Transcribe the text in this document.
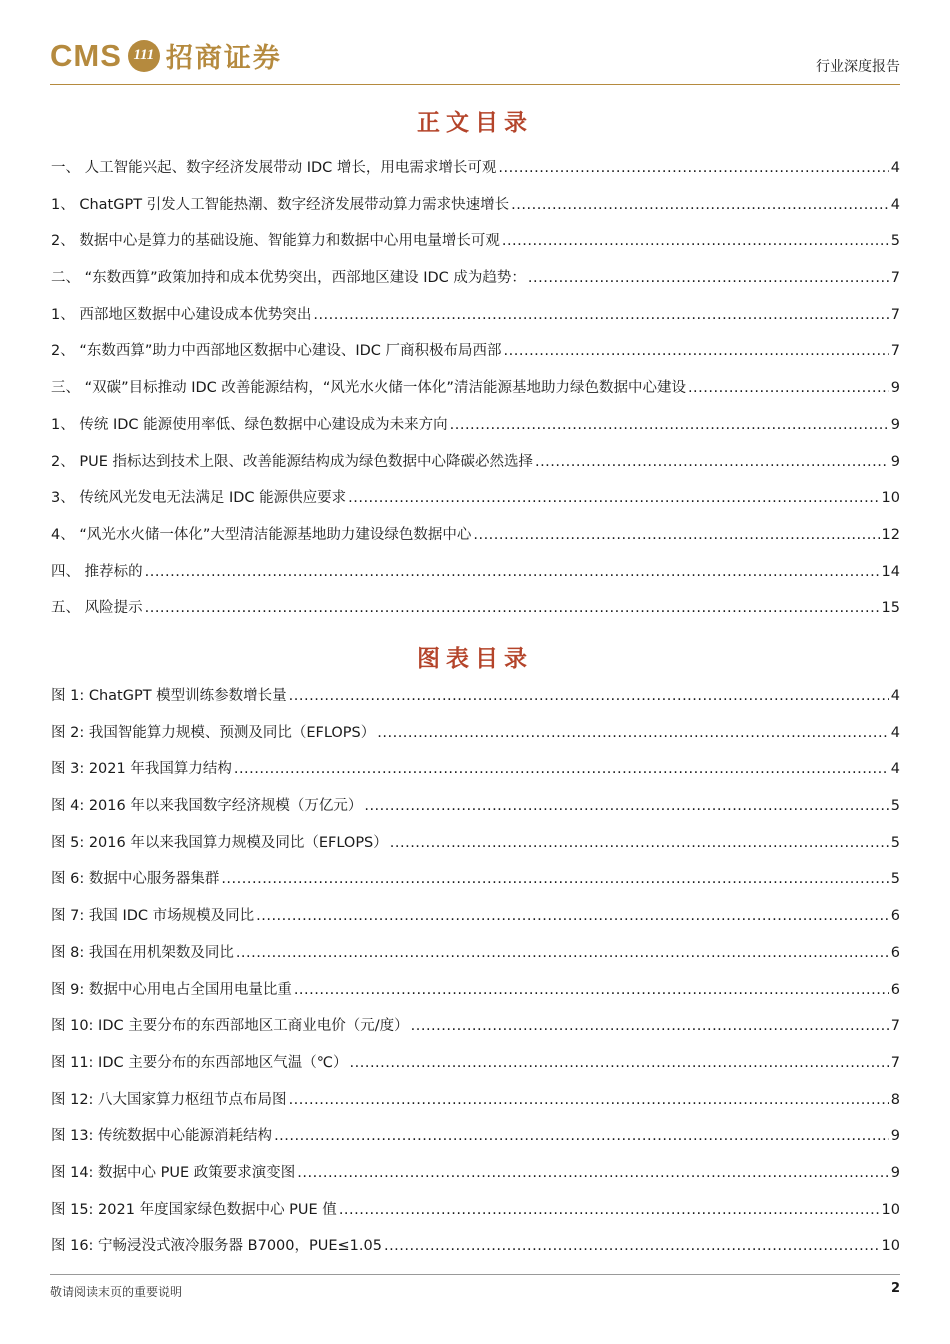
CMS 111 招商证券	行业深度报告
正文目录
一、 人工智能兴起、数字经济发展带动 IDC 增长，用电需求增长可观 .....	4
1、 ChatGPT 引发人工智能热潮、数字经济发展带动算力需求快速增长 .....	4
2、 数据中心是算力的基础设施、智能算力和数据中心用电量增长可观 .....	5
二、 “东数西算”政策加持和成本优势突出，西部地区建设 IDC 成为趋势： .....	7
1、 西部地区数据中心建设成本优势突出 .....	7
2、 “东数西算”助力中西部地区数据中心建设、IDC 厂商积极布局西部 .....	7
三、 “双碳”目标推动 IDC 改善能源结构，“风光水火储一体化”清洁能源基地助力绿色数据中心建设 .....	9
1、 传统 IDC 能源使用率低、绿色数据中心建设成为未来方向 .....	9
2、 PUE 指标达到技术上限、改善能源结构成为绿色数据中心降碳必然选择 .....	9
3、 传统风光发电无法满足 IDC 能源供应要求 .....	10
4、 “风光水火储一体化”大型清洁能源基地助力建设绿色数据中心 .....	12
四、 推荐标的 .....	14
五、 风险提示 .....	15
图表目录
图 1: ChatGPT 模型训练参数增长量 .....	4
图 2: 我国智能算力规模、预测及同比（EFLOPS） .....	4
图 3: 2021 年我国算力结构 .....	4
图 4: 2016 年以来我国数字经济规模（万亿元） .....	5
图 5: 2016 年以来我国算力规模及同比（EFLOPS） .....	5
图 6: 数据中心服务器集群 .....	5
图 7: 我国 IDC 市场规模及同比 .....	6
图 8: 我国在用机架数及同比 .....	6
图 9: 数据中心用电占全国用电量比重 .....	6
图 10: IDC 主要分布的东西部地区工商业电价（元/度） .....	7
图 11: IDC 主要分布的东西部地区气温（℃） .....	7
图 12: 八大国家算力枢纽节点布局图 .....	8
图 13: 传统数据中心能源消耗结构 .....	9
图 14: 数据中心 PUE 政策要求演变图 .....	9
图 15: 2021 年度国家绿色数据中心 PUE 值 .....	10
图 16: 宁畅浸没式液冷服务器 B7000，PUE≤1.05 .....	10
敬请阅读末页的重要说明	2
